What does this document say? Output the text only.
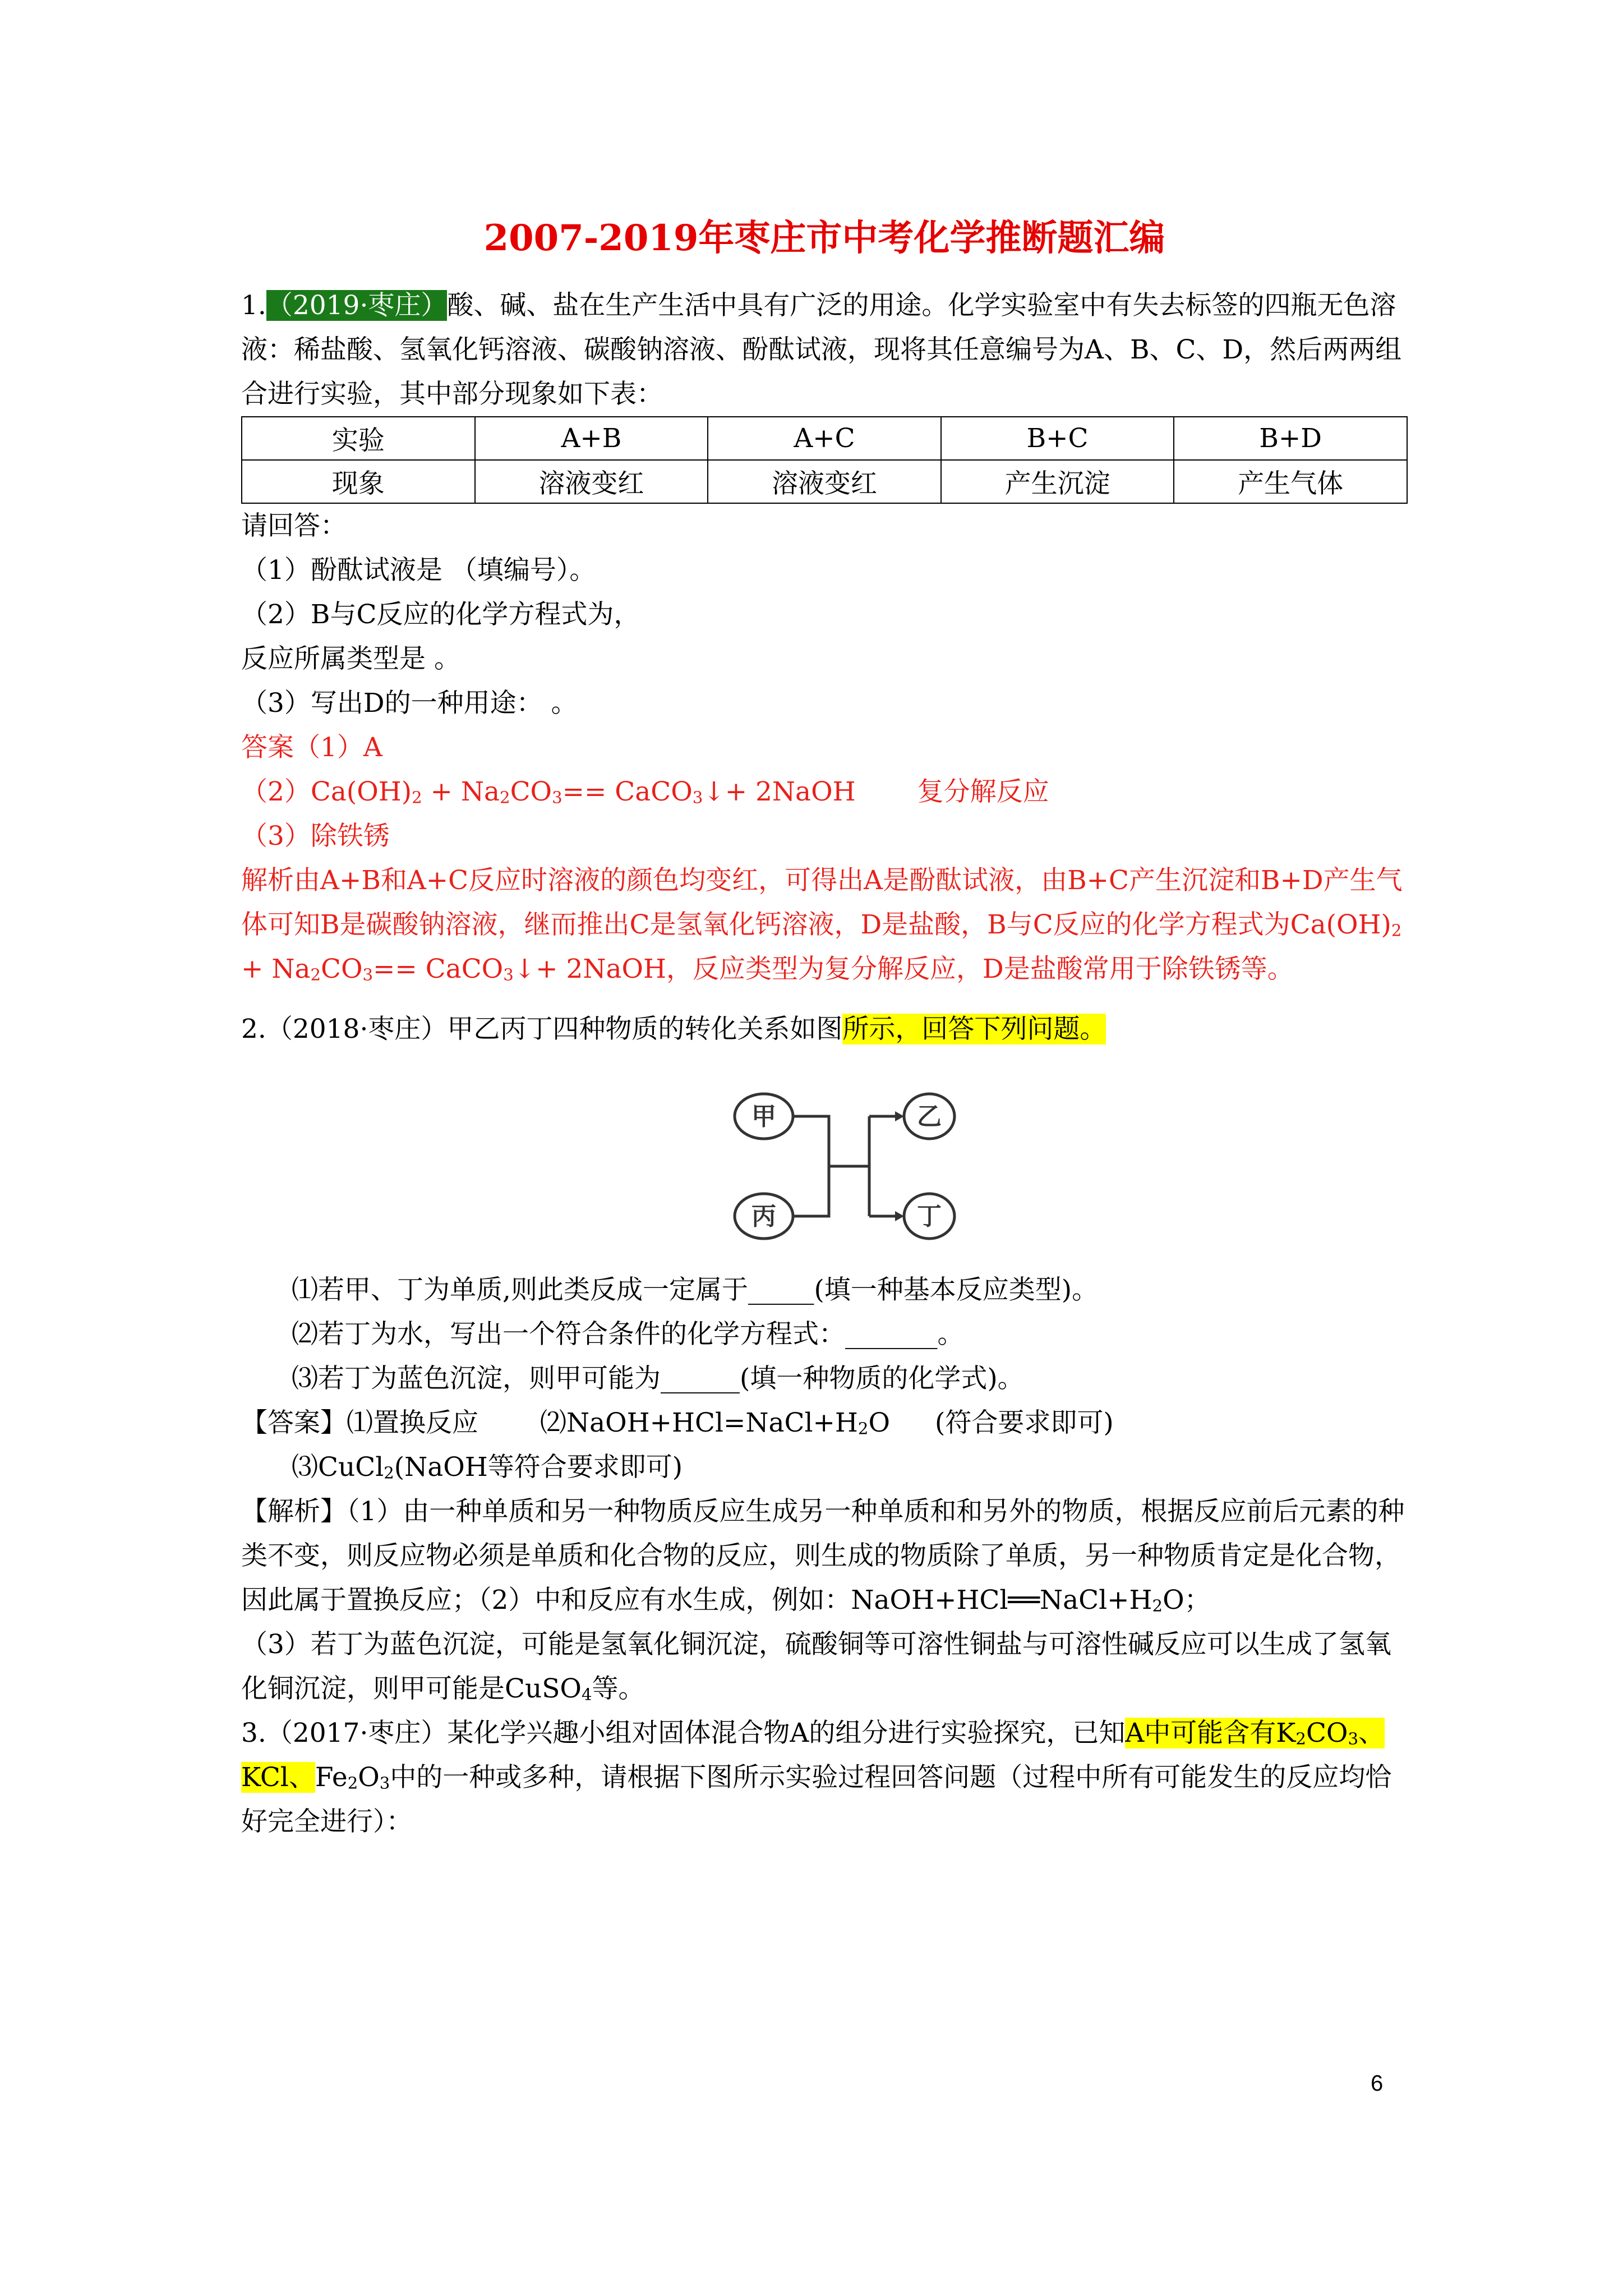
2007-2019年枣庄市中考化学推断题汇编

1.（2019·枣庄）酸、碱、盐在生产生活中具有广泛的用途。化学实验室中有失去标签的四瓶无色溶液：稀盐酸、氢氧化钙溶液、碳酸钠溶液、酚酞试液，现将其任意编号为A、B、C、D，然后两两组合进行实验，其中部分现象如下表：

实验	A+B	A+C	B+C	B+D
现象	溶液变红	溶液变红	产生沉淀	产生气体

请回答：

（1）酚酞试液是 （填编号）。

（2）B与C反应的化学方程式为，

反应所属类型是 。

（3）写出D的一种用途： 。

答案（1）A

$(2)Ca(OH)_2 + Na_2CO_3==$ CaCO$_3$↓+ 2NaOH 复分解反应

（3）除铁锈

解析由A+B和A+C反应时溶液的颜色均变红，可得出A是酚酞试液，由B+C产生沉淀和B+D产生气体可知B是碳酸钠溶液，继而推出C是氢氧化钙溶液，D是盐酸，B与C反应的化学方程式为$Ca(OH)_2 + Na_2CO_3==$ CaCO$_3$↓+ 2NaOH，反应类型为复分解反应，D是盐酸常用于除铁锈等。

2.（2018·枣庄）甲乙丙丁四种物质的转化关系如图所示，回答下列问题。

甲
丙
乙
丁

⑴若甲、丁为单质,则此类反成一定属于_____(填一种基本反应类型)。

⑵若丁为水，写出一个符合条件的化学方程式：_______。

⑶若丁为蓝色沉淀，则甲可能为______(填一种物质的化学式)。

【答案】⑴置换反应 $⑵NaOH+HCl=NaCl+H_2O$ (符合要求即可)

⑶CuCl$_2$(NaOH等符合要求即可)

【解析】（1）由一种单质和另一种物质反应生成另一种单质和和另外的物质，根据反应前后元素的种类不变，则反应物必须是单质和化合物的反应，则生成的物质除了单质，另一种物质肯定是化合物，因此属于置换反应；（2）中和反应有水生成，例如：$NaOH+HCl══NaCl+H_2O$；

（3）若丁为蓝色沉淀，可能是氢氧化铜沉淀，硫酸铜等可溶性铜盐与可溶性碱反应可以生成了氢氧化铜沉淀，则甲可能是CuSO$_4$等。

3.（2017·枣庄）某化学兴趣小组对固体混合物A的组分进行实验探究，已知A中可能含有$K_2CO_3$、KCl、$Fe_2O_3$中的一种或多种，请根据下图所示实验过程回答问题（过程中所有可能发生的反应均恰好完全进行）：

6
